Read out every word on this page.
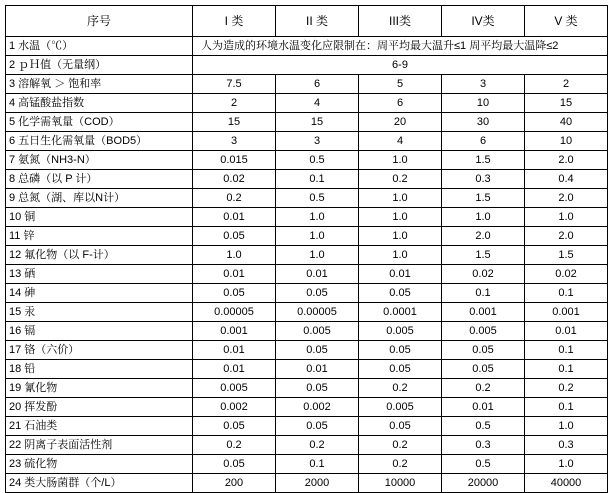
序号	I 类	II 类	III类	IV类	V 类
1 水温（℃）	人为造成的环境水温变化应限制在：周平均最大温升≤1 周平均最大温降≤2				
2 ｐＨ值（无量纲）	6-9				
3 溶解氧 ＞ 饱和率	7.5	6	5	3	2
4 高锰酸盐指数	2	4	6	10	15
5 化学需氧量（COD）	15	15	20	30	40
6 五日生化需氧量（BOD5）	3	3	4	6	10
7 氨氮（NH3-N）	0.015	0.5	1.0	1.5	2.0
8 总磷（以 P 计）	0.02	0.1	0.2	0.3	0.4
9 总氮（湖、库以N计）	0.2	0.5	1.0	1.5	2.0
10 铜	0.01	1.0	1.0	1.0	1.0
11 锌	0.05	1.0	1.0	2.0	2.0
12 氟化物（以 F-计）	1.0	1.0	1.0	1.5	1.5
13 硒	0.01	0.01	0.01	0.02	0.02
14 砷	0.05	0.05	0.05	0.1	0.1
15 汞	0.00005	0.00005	0.0001	0.001	0.001
16 镉	0.001	0.005	0.005	0.005	0.01
17 铬（六价）	0.01	0.05	0.05	0.05	0.1
18 铅	0.01	0.01	0.05	0.05	0.1
19 氰化物	0.005	0.05	0.2	0.2	0.2
20 挥发酚	0.002	0.002	0.005	0.01	0.1
21 石油类	0.05	0.05	0.05	0.5	1.0
22 阴离子表面活性剂	0.2	0.2	0.2	0.3	0.3
23 硫化物	0.05	0.1	0.2	0.5	1.0
24 类大肠菌群（个/L）	200	2000	10000	20000	40000
